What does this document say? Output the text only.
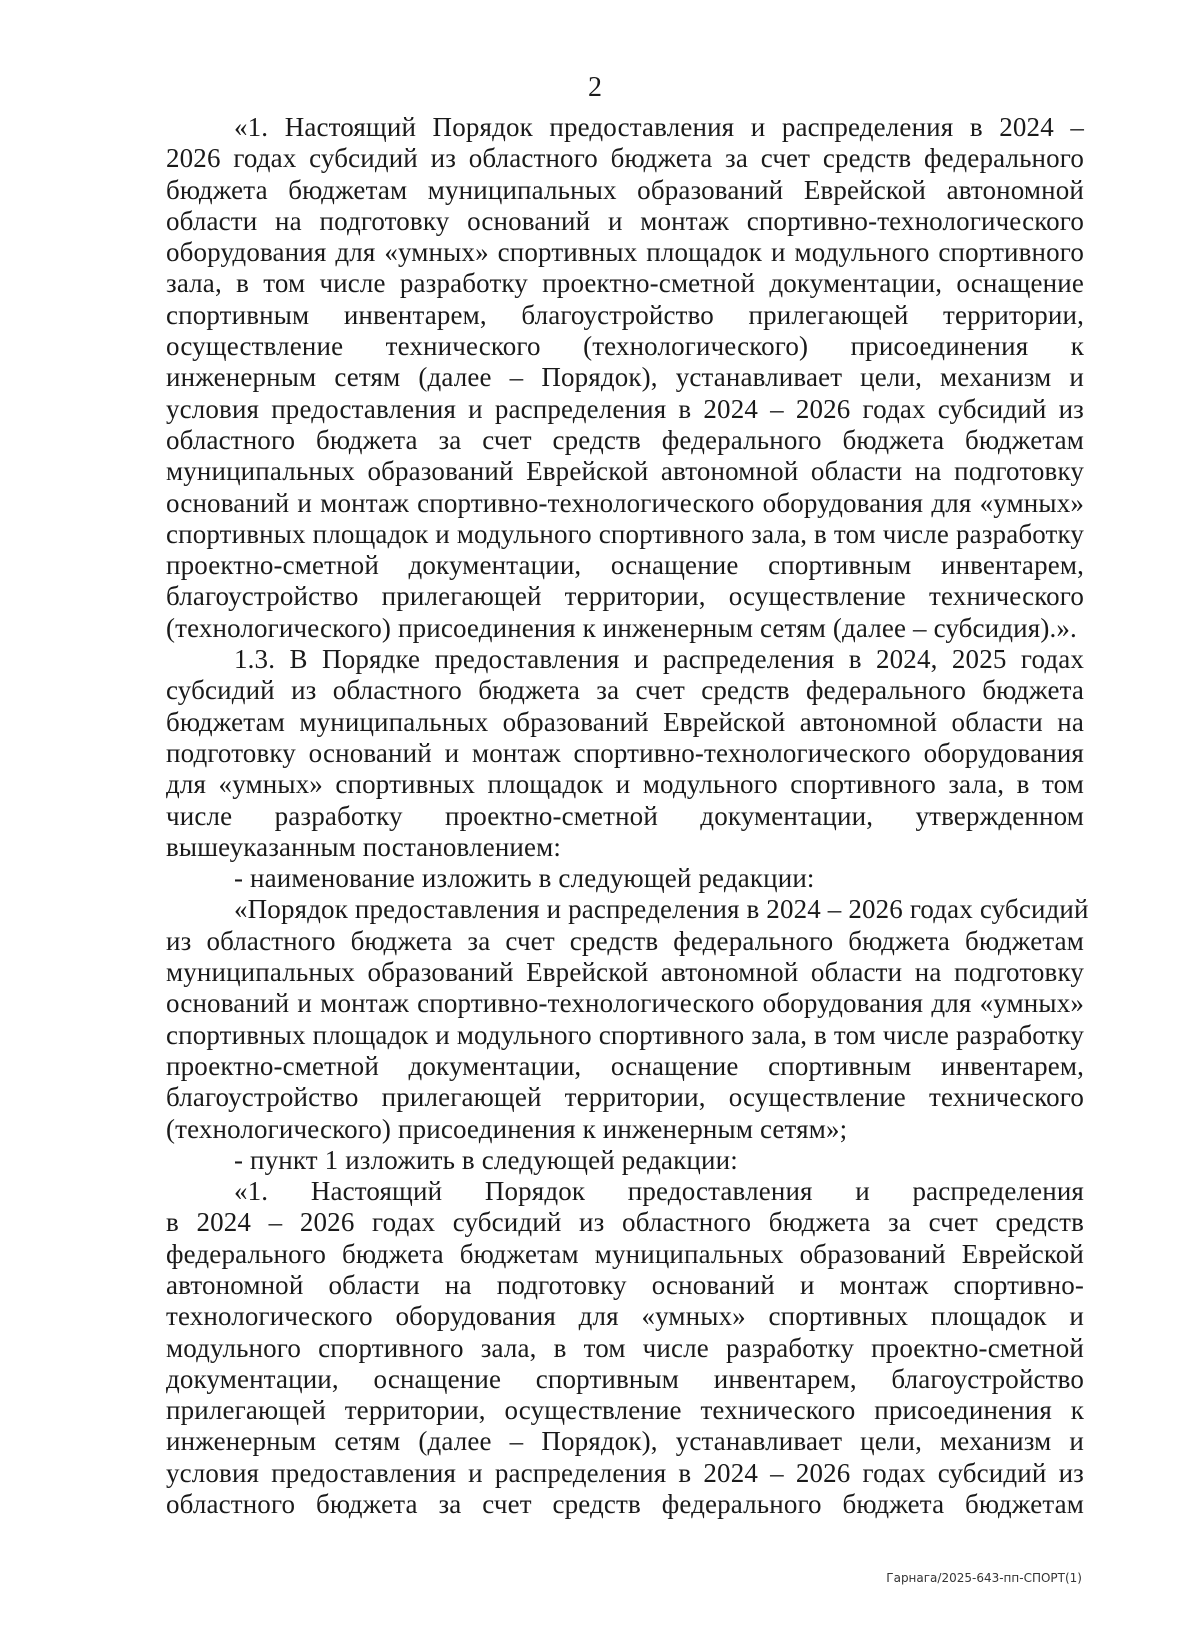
2
«1. Настоящий Порядок предоставления и распределения в 2024 –
2026 годах субсидий из областного бюджета за счет средств федерального
бюджета бюджетам муниципальных образований Еврейской автономной
области на подготовку оснований и монтаж спортивно-технологического
оборудования для «умных» спортивных площадок и модульного спортивного
зала, в том числе разработку проектно-сметной документации, оснащение
спортивным инвентарем, благоустройство прилегающей территории,
осуществление технического (технологического) присоединения к
инженерным сетям (далее – Порядок), устанавливает цели, механизм и
условия предоставления и распределения в 2024 – 2026 годах субсидий из
областного бюджета за счет средств федерального бюджета бюджетам
муниципальных образований Еврейской автономной области на подготовку
оснований и монтаж спортивно-технологического оборудования для «умных»
спортивных площадок и модульного спортивного зала, в том числе разработку
проектно-сметной документации, оснащение спортивным инвентарем,
благоустройство прилегающей территории, осуществление технического
(технологического) присоединения к инженерным сетям (далее – субсидия).».
1.3. В Порядке предоставления и распределения в 2024, 2025 годах
субсидий из областного бюджета за счет средств федерального бюджета
бюджетам муниципальных образований Еврейской автономной области на
подготовку оснований и монтаж спортивно-технологического оборудования
для «умных» спортивных площадок и модульного спортивного зала, в том
числе разработку проектно-сметной документации, утвержденном
вышеуказанным постановлением:
- наименование изложить в следующей редакции:
«Порядок предоставления и распределения в 2024 – 2026 годах субсидий
из областного бюджета за счет средств федерального бюджета бюджетам
муниципальных образований Еврейской автономной области на подготовку
оснований и монтаж спортивно-технологического оборудования для «умных»
спортивных площадок и модульного спортивного зала, в том числе разработку
проектно-сметной документации, оснащение спортивным инвентарем,
благоустройство прилегающей территории, осуществление технического
(технологического) присоединения к инженерным сетям»;
- пункт 1 изложить в следующей редакции:
«1. Настоящий Порядок предоставления и распределения
в 2024 – 2026 годах субсидий из областного бюджета за счет средств
федерального бюджета бюджетам муниципальных образований Еврейской
автономной области на подготовку оснований и монтаж спортивно-
технологического оборудования для «умных» спортивных площадок и
модульного спортивного зала, в том числе разработку проектно-сметной
документации, оснащение спортивным инвентарем, благоустройство
прилегающей территории, осуществление технического присоединения к
инженерным сетям (далее – Порядок), устанавливает цели, механизм и
условия предоставления и распределения в 2024 – 2026 годах субсидий из
областного бюджета за счет средств федерального бюджета бюджетам
Гарнага/2025-643-пп-СПОРТ(1)
